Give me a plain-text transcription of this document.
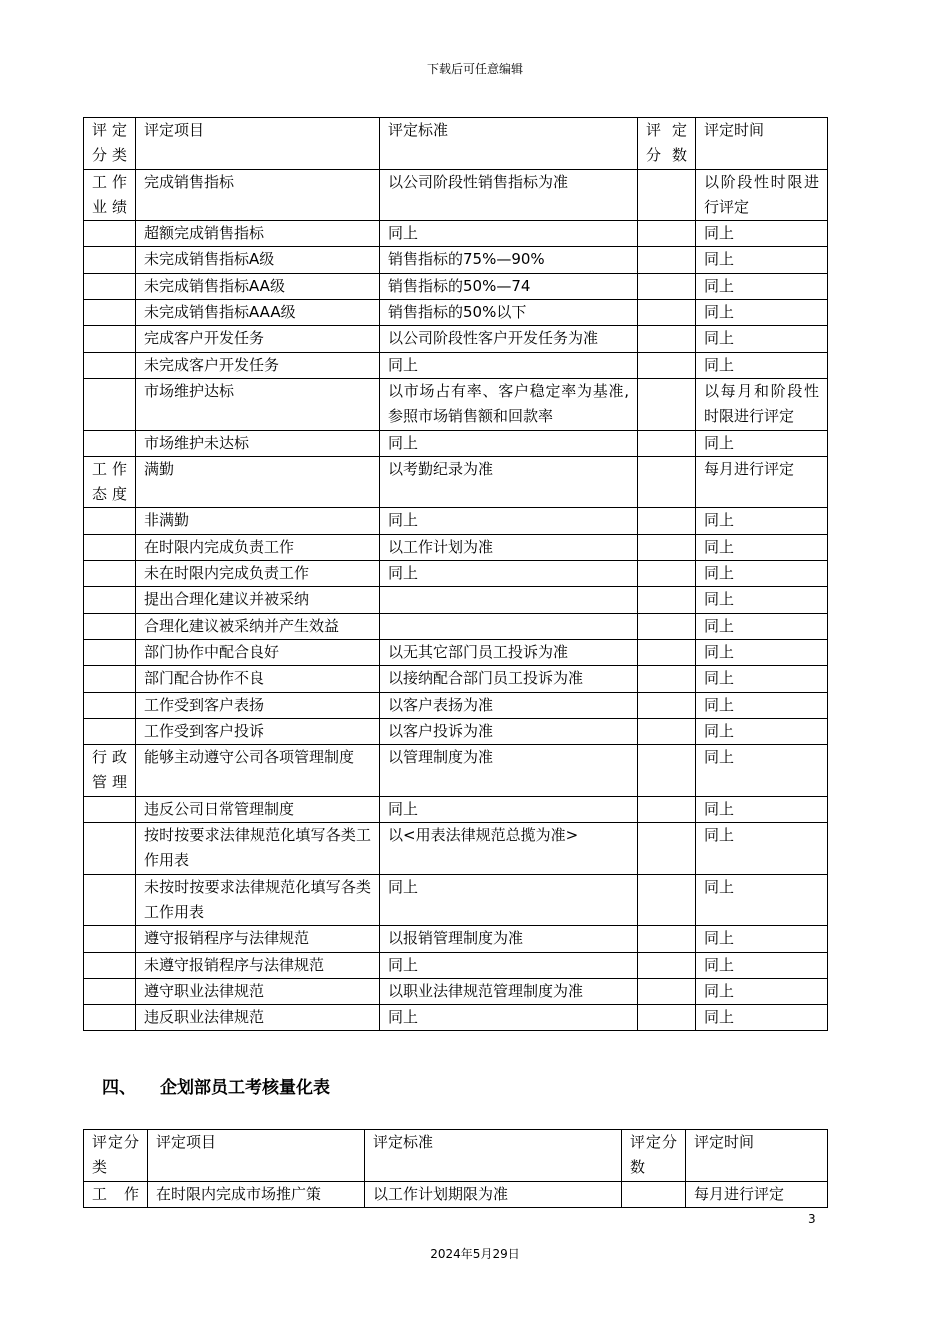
下载后可任意编辑
评定分类	评定项目	评定标准	评定分数	评定时间
工作业绩	完成销售指标	以公司阶段性销售指标为准		以阶段性时限进行评定
	超额完成销售指标	同上		同上
	未完成销售指标A级	销售指标的75%—90%		同上
	未完成销售指标AA级	销售指标的50%—74		同上
	未完成销售指标AAA级	销售指标的50%以下		同上
	完成客户开发任务	以公司阶段性客户开发任务为准		同上
	未完成客户开发任务	同上		同上
	市场维护达标	以市场占有率、客户稳定率为基准,参照市场销售额和回款率		以每月和阶段性时限进行评定
	市场维护未达标	同上		同上
工作态度	满勤	以考勤纪录为准		每月进行评定
	非满勤	同上		同上
	在时限内完成负责工作	以工作计划为准		同上
	未在时限内完成负责工作	同上		同上
	提出合理化建议并被采纳			同上
	合理化建议被采纳并产生效益			同上
	部门协作中配合良好	以无其它部门员工投诉为准		同上
	部门配合协作不良	以接纳配合部门员工投诉为准		同上
	工作受到客户表扬	以客户表扬为准		同上
	工作受到客户投诉	以客户投诉为准		同上
行政管理	能够主动遵守公司各项管理制度	以管理制度为准		同上
	违反公司日常管理制度	同上		同上
	按时按要求法律规范化填写各类工作用表	以<用表法律规范总揽为准>		同上
	未按时按要求法律规范化填写各类工作用表	同上		同上
	遵守报销程序与法律规范	以报销管理制度为准		同上
	未遵守报销程序与法律规范	同上		同上
	遵守职业法律规范	以职业法律规范管理制度为准		同上
	违反职业法律规范	同上		同上
四、 企划部员工考核量化表
评定分类	评定项目	评定标准	评定分数	评定时间
工 作	在时限内完成市场推广策	以工作计划期限为准		每月进行评定
3
2024年5月29日
